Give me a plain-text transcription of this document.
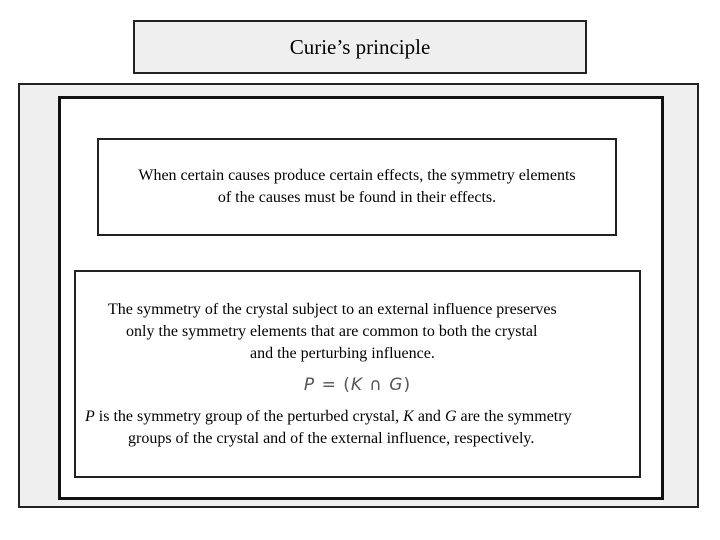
Curie’s principle
When certain causes produce certain effects, the symmetry elements
of the causes must be found in their effects.
The symmetry of the crystal subject to an external influence preserves
only the symmetry elements that are common to both the crystal
and the perturbing influence.
P = (K ∩ G)
P is the symmetry group of the perturbed crystal, K and G are the symmetry
groups of the crystal and of the external influence, respectively.
